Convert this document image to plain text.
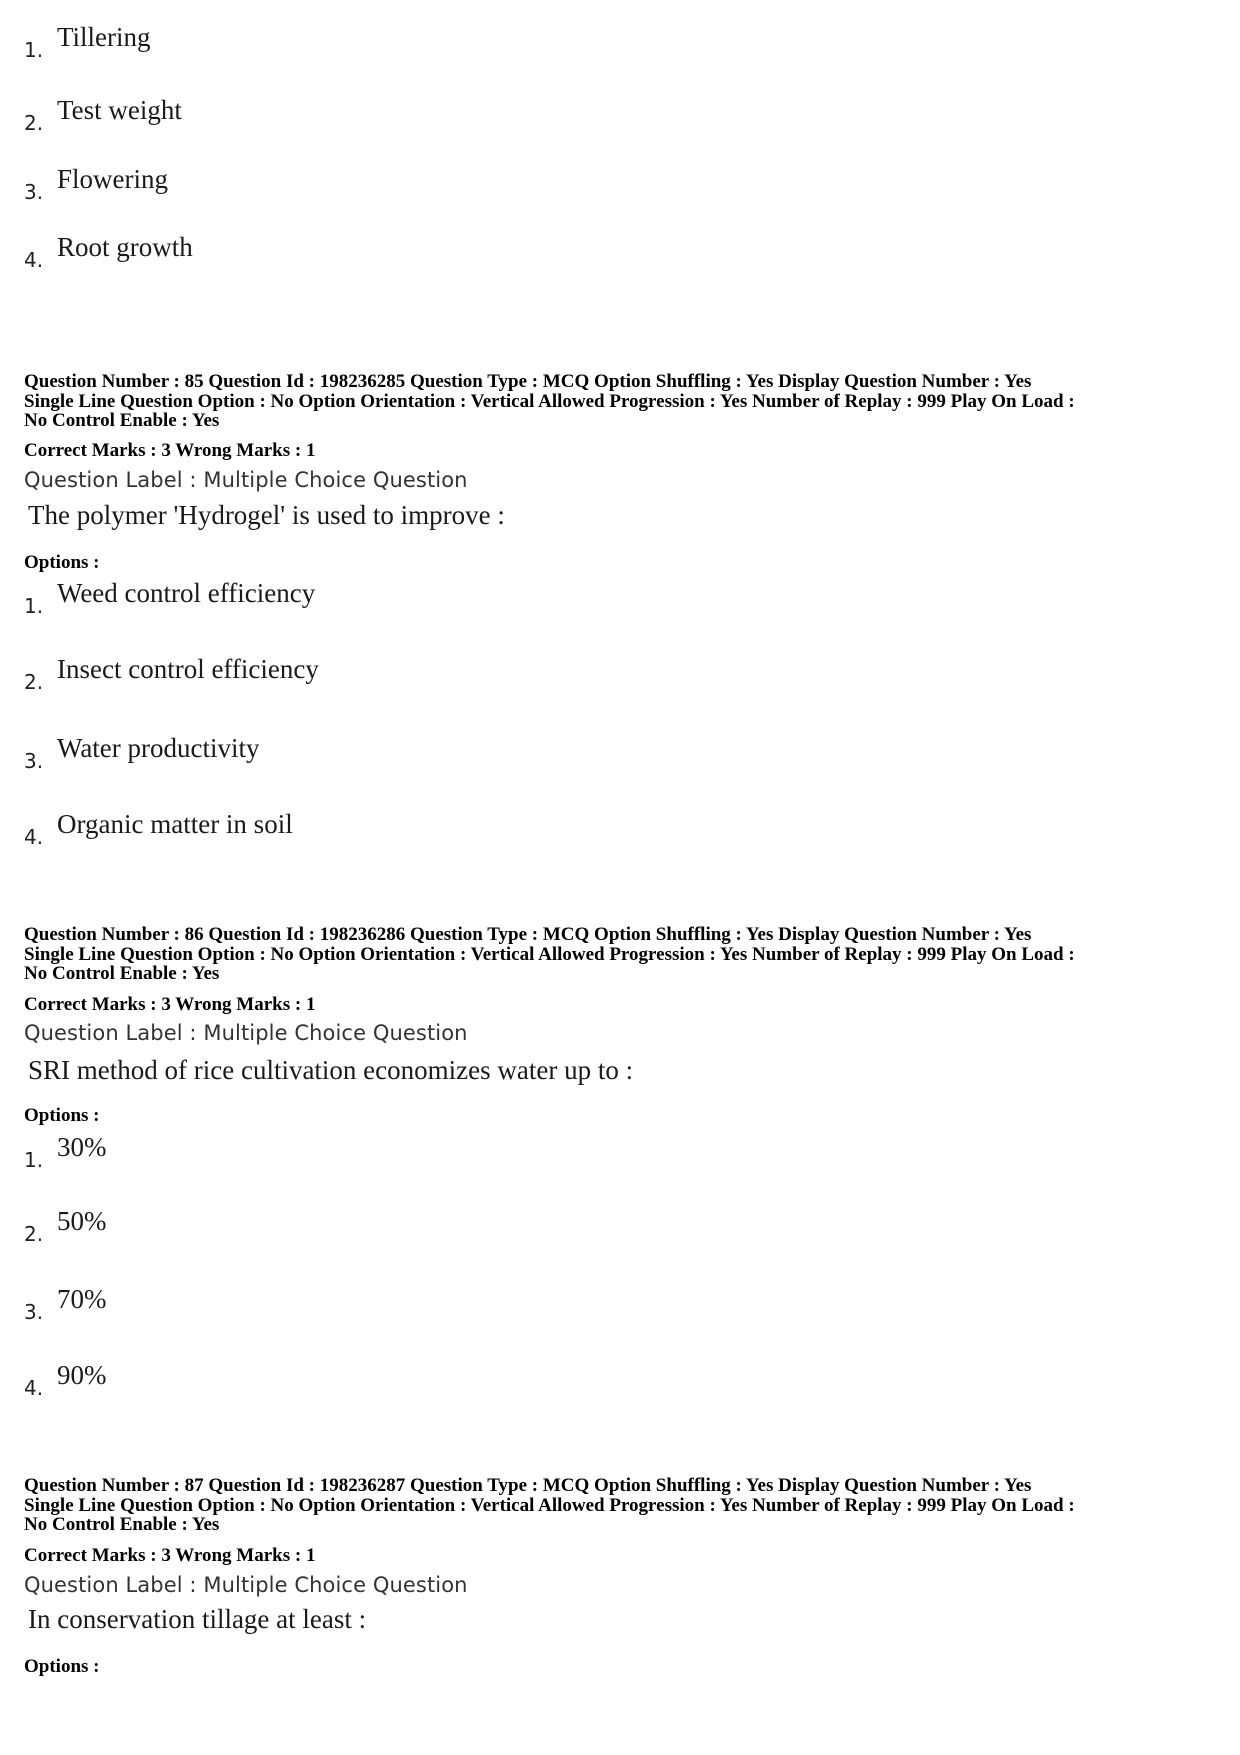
1 . Tillering
2 . Test weight
3 . Flowering
4 . Root growth
Question Number : 85 Question Id : 198236285 Question Type : MCQ Option Shuffling : Yes Display Question Number : Yes
Single Line Question Option : No Option Orientation : Vertical Allowed Progression : Yes Number of Replay : 999 Play On Load :
No Control Enable : Yes
Correct Marks : 3 Wrong Marks : 1
Question Label : Multiple Choice Question
The polymer 'Hydrogel' is used to improve :
Options :
1 . Weed control efficiency
2 . Insect control efficiency
3 . Water productivity
4 . Organic matter in soil
Question Number : 86 Question Id : 198236286 Question Type : MCQ Option Shuffling : Yes Display Question Number : Yes
Single Line Question Option : No Option Orientation : Vertical Allowed Progression : Yes Number of Replay : 999 Play On Load :
No Control Enable : Yes
Correct Marks : 3 Wrong Marks : 1
Question Label : Multiple Choice Question
SRI method of rice cultivation economizes water up to :
Options :
1 . 30%
2 . 50%
3 . 70%
4 . 90%
Question Number : 87 Question Id : 198236287 Question Type : MCQ Option Shuffling : Yes Display Question Number : Yes
Single Line Question Option : No Option Orientation : Vertical Allowed Progression : Yes Number of Replay : 999 Play On Load :
No Control Enable : Yes
Correct Marks : 3 Wrong Marks : 1
Question Label : Multiple Choice Question
In conservation tillage at least :
Options :
